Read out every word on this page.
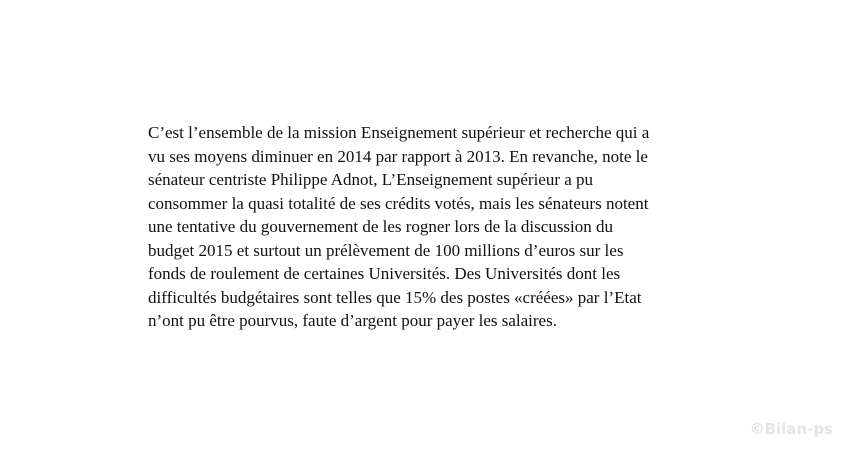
C’est l’ensemble de la mission Enseignement supérieur et recherche qui a
vu ses moyens diminuer en 2014 par rapport à 2013. En revanche, note le
sénateur centriste Philippe Adnot, L’Enseignement supérieur a pu
consommer la quasi totalité de ses crédits votés, mais les sénateurs notent
une tentative du gouvernement de les rogner lors de la discussion du
budget 2015 et surtout un prélèvement de 100 millions d’euros sur les
fonds de roulement de certaines Universités. Des Universités dont les
difficultés budgétaires sont telles que 15% des postes «créées» par l’Etat
n’ont pu être pourvus, faute d’argent pour payer les salaires.

©Bilan-ps
